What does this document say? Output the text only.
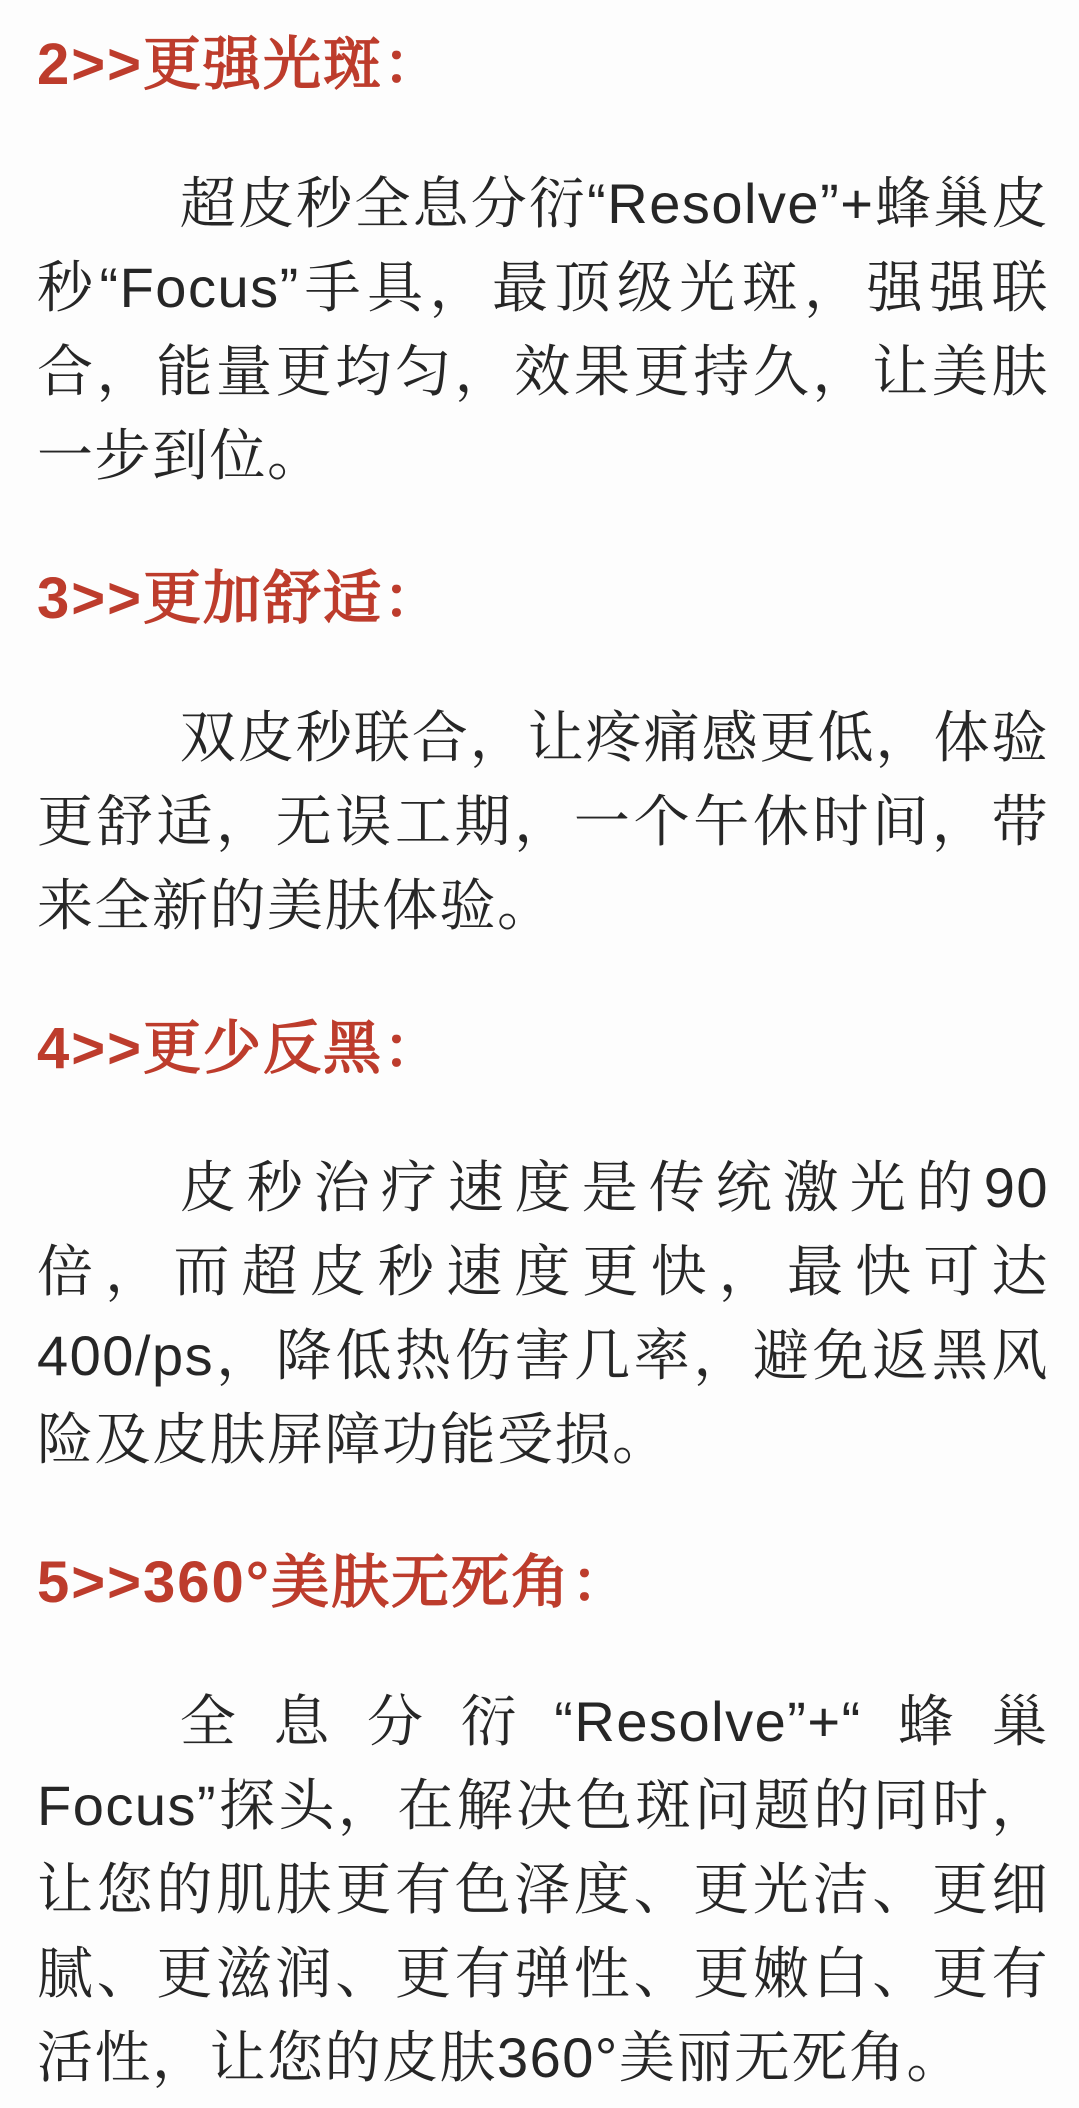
2>>更强光斑：

超皮秒全息分衍“Resolve”+蜂巢皮秒“Focus”手具，最顶级光斑，强强联合，能量更均匀，效果更持久，让美肤一步到位。

3>>更加舒适：

双皮秒联合，让疼痛感更低，体验更舒适，无误工期，一个午休时间，带来全新的美肤体验。

4>>更少反黑：

皮秒治疗速度是传统激光的90倍，而超皮秒速度更快，最快可达400/ps，降低热伤害几率，避免返黑风险及皮肤屏障功能受损。

5>>360°美肤无死角：

全息分衍“Resolve”+“蜂巢Focus”探头，在解决色斑问题的同时，让您的肌肤更有色泽度、更光洁、更细腻、更滋润、更有弹性、更嫩白、更有活性，让您的皮肤360°美丽无死角。
